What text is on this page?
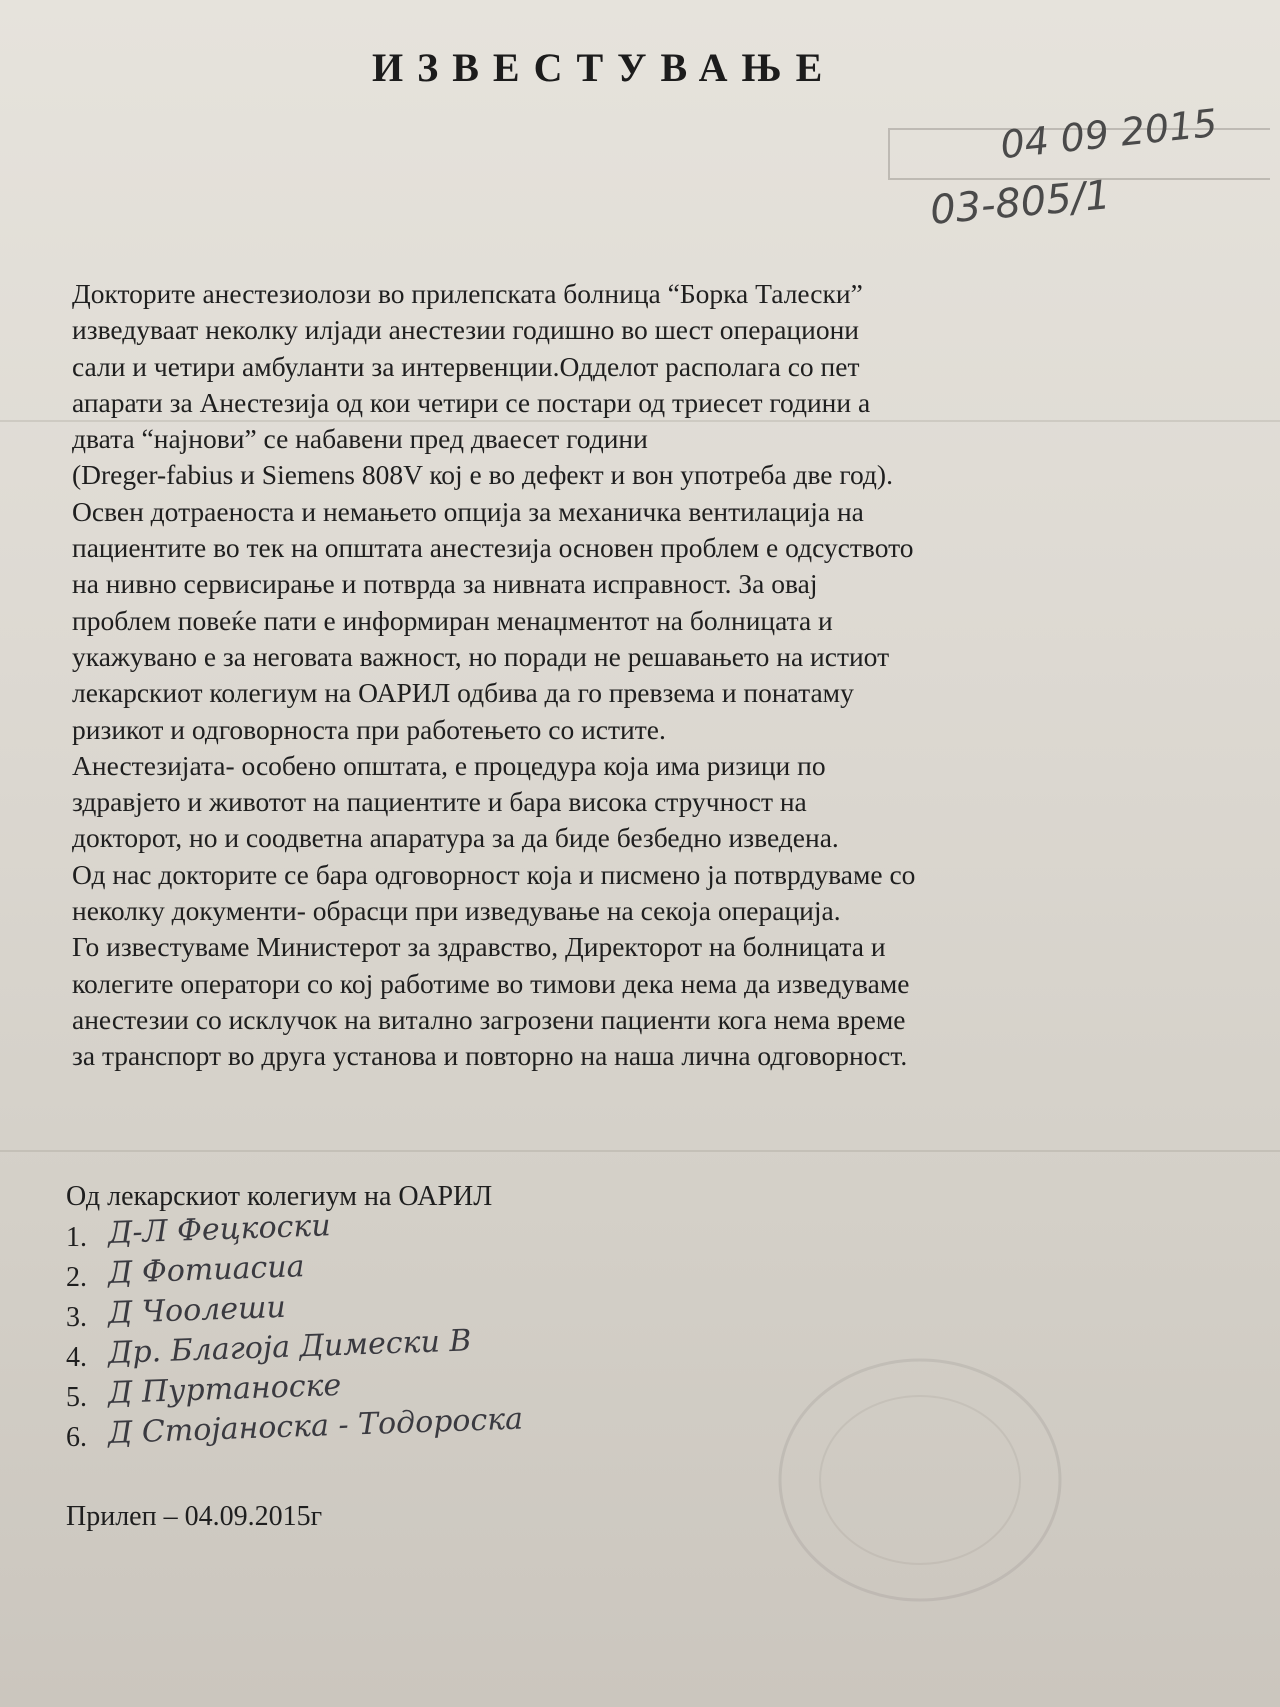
ИЗВЕСТУВАЊЕ
04 09 2015
03-805/1
Докторите анестезиолози во прилепската болница “Борка Талески”
изведуваат неколку илјади анестезии годишно во шест операциони
сали и четири амбуланти за интервенции.Одделот располага со пет
апарати за Анестезија од кои четири се постари од триесет години а
двата “најнови” се набавени пред дваесет години
(Dreger-fabius и Siemens 808V кој е во дефект и вон употреба две год).
Освен дотраеноста и немањето опција за механичка вентилација на
пациентите во тек на општата анестезија основен проблем е одсуството
на нивно сервисирање и потврда за нивната исправност. За овај
проблем повеќе пати е информиран менаџментот на болницата и
укажувано е за неговата важност, но поради не решавањето на истиот
лекарскиот колегиум на ОАРИЛ одбива да го превзема и понатаму
ризикот и одговорноста при работењето со истите.
Анестезијата- особено општата, е процедура која има ризици по
здравјето и животот на пациентите и бара висока стручност на
докторот, но и соодветна апаратура за да биде безбедно изведена.
Од нас докторите се бара одговорност која и писмено ја потврдуваме со
неколку документи- обрасци при изведување на секоја операција.
Го известуваме Министерот за здравство, Директорот на болницата и
колегите оператори со кој работиме во тимови дека нема да изведуваме
анестезии со исклучок на витално загрозени пациенти кога нема време
за транспорт во друга установа и повторно на наша лична одговорност.
Од лекарскиот колегиум на ОАРИЛ
1. Д-Л Фецкоски
2. Д Фотиасиа
3. Д Чоолеши
4. Др. Благоја Димески В
5. Д Пуртаноске
6. Д Стојаноска - Тодороска
Прилеп – 04.09.2015г
